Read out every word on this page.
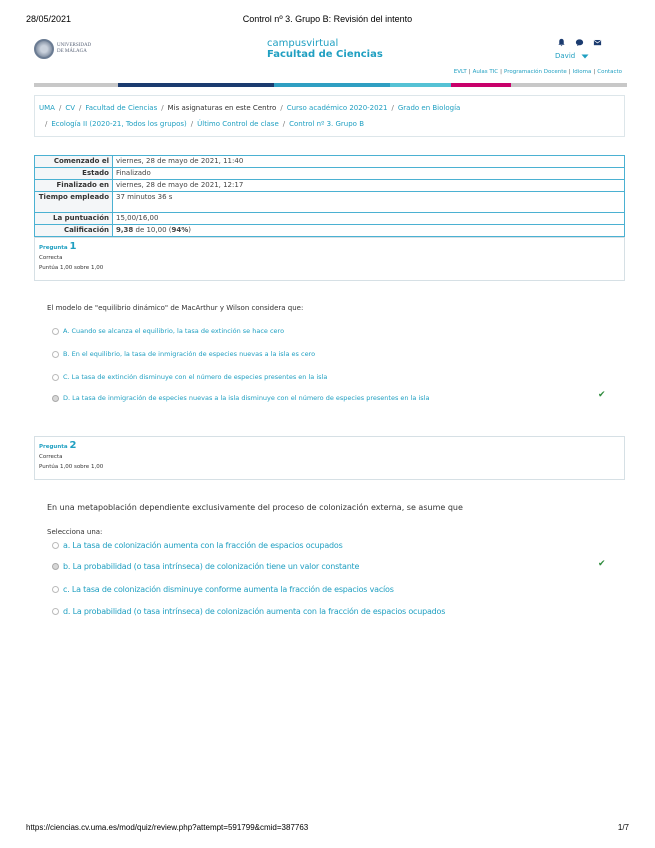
28/05/2021	Control nº 3. Grupo B: Revisión del intento
UNIVERSIDAD DE MÁLAGA
campusvirtual
Facultad de Ciencias	David
EVLT | Aulas TIC | Programación Docente | Idioma | Contacto
UMA / CV / Facultad de Ciencias / Mis asignaturas en este Centro / Curso académico 2020-2021 / Grado en Biología
/ Ecología II (2020-21, Todos los grupos) / Último Control de clase / Control nº 3. Grupo B
Comenzado el	viernes, 28 de mayo de 2021, 11:40
Estado	Finalizado
Finalizado en	viernes, 28 de mayo de 2021, 12:17
Tiempo empleado	37 minutos 36 s
La puntuación	15,00/16,00
Calificación	9,38 de 10,00 (94%)
Pregunta 1
Correcta
Puntúa 1,00 sobre 1,00
El modelo de "equilibrio dinámico" de MacArthur y Wilson considera que:
A. Cuando se alcanza el equilibrio, la tasa de extinción se hace cero
B. En el equilibrio, la tasa de inmigración de especies nuevas a la isla es cero
C. La tasa de extinción disminuye con el número de especies presentes en la isla
D. La tasa de inmigración de especies nuevas a la isla disminuye con el número de especies presentes en la isla	✔
Pregunta 2
Correcta
Puntúa 1,00 sobre 1,00
En una metapoblación dependiente exclusivamente del proceso de colonización externa, se asume que
Selecciona una:
a. La tasa de colonización aumenta con la fracción de espacios ocupados
b. La probabilidad (o tasa intrínseca) de colonización tiene un valor constante	✔
c. La tasa de colonización disminuye conforme aumenta la fracción de espacios vacíos
d. La probabilidad (o tasa intrínseca) de colonización aumenta con la fracción de espacios ocupados
https://ciencias.cv.uma.es/mod/quiz/review.php?attempt=591799&cmid=387763	1/7
